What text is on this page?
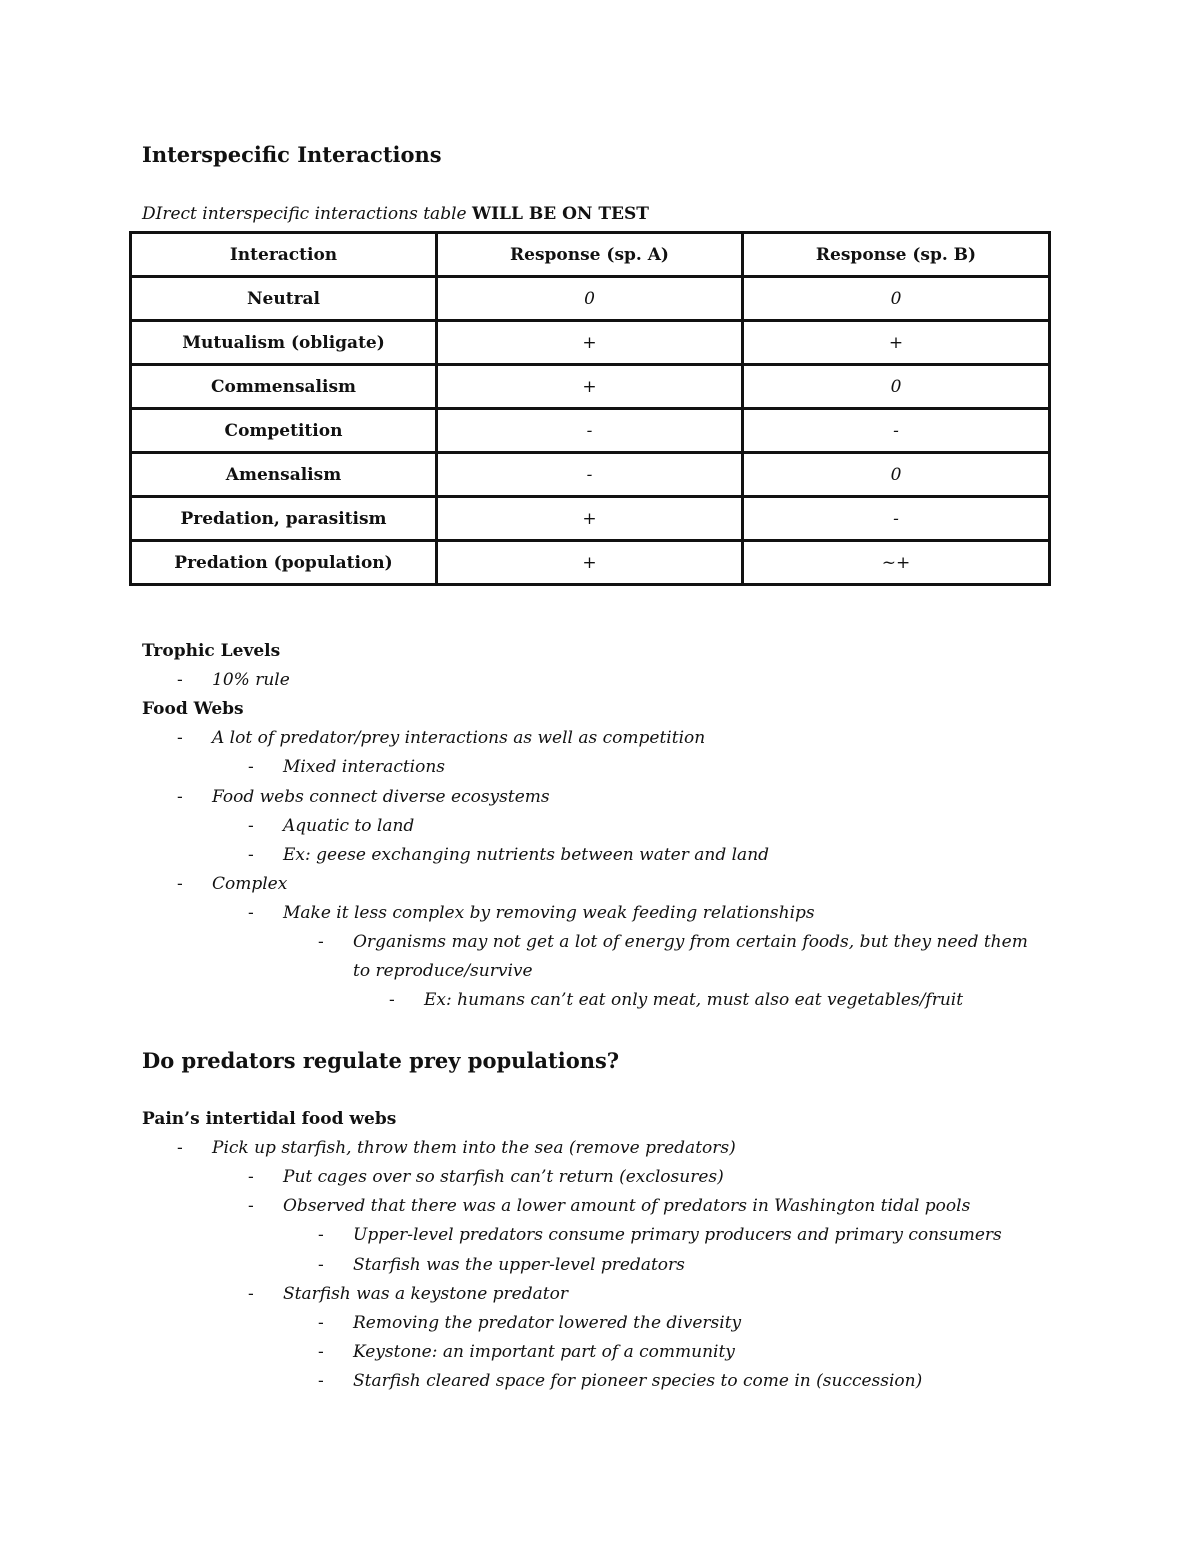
Interspecific Interactions
DIrect interspecific interactions table WILL BE ON TEST
Interaction	Response (sp. A)	Response (sp. B)
Neutral	0	0
Mutualism (obligate)	+	+
Commensalism	+	0
Competition	-	-
Amensalism	-	0
Predation, parasitism	+	-
Predation (population)	+	~+
Do predators regulate prey populations?
Trophic Levels
- 10% rule
Food Webs
- A lot of predator/prey interactions as well as competition
- Mixed interactions
- Food webs connect diverse ecosystems
- Aquatic to land
- Ex: geese exchanging nutrients between water and land
- Complex
- Make it less complex by removing weak feeding relationships
- Organisms may not get a lot of energy from certain foods, but they need them
to reproduce/survive
- Ex: humans can’t eat only meat, must also eat vegetables/fruit
Pain’s intertidal food webs
- Pick up starfish, throw them into the sea (remove predators)
- Put cages over so starfish can’t return (exclosures)
- Observed that there was a lower amount of predators in Washington tidal pools
- Upper-level predators consume primary producers and primary consumers
- Starfish was the upper-level predators
- Starfish was a keystone predator
- Removing the predator lowered the diversity
- Keystone: an important part of a community
- Starfish cleared space for pioneer species to come in (succession)
